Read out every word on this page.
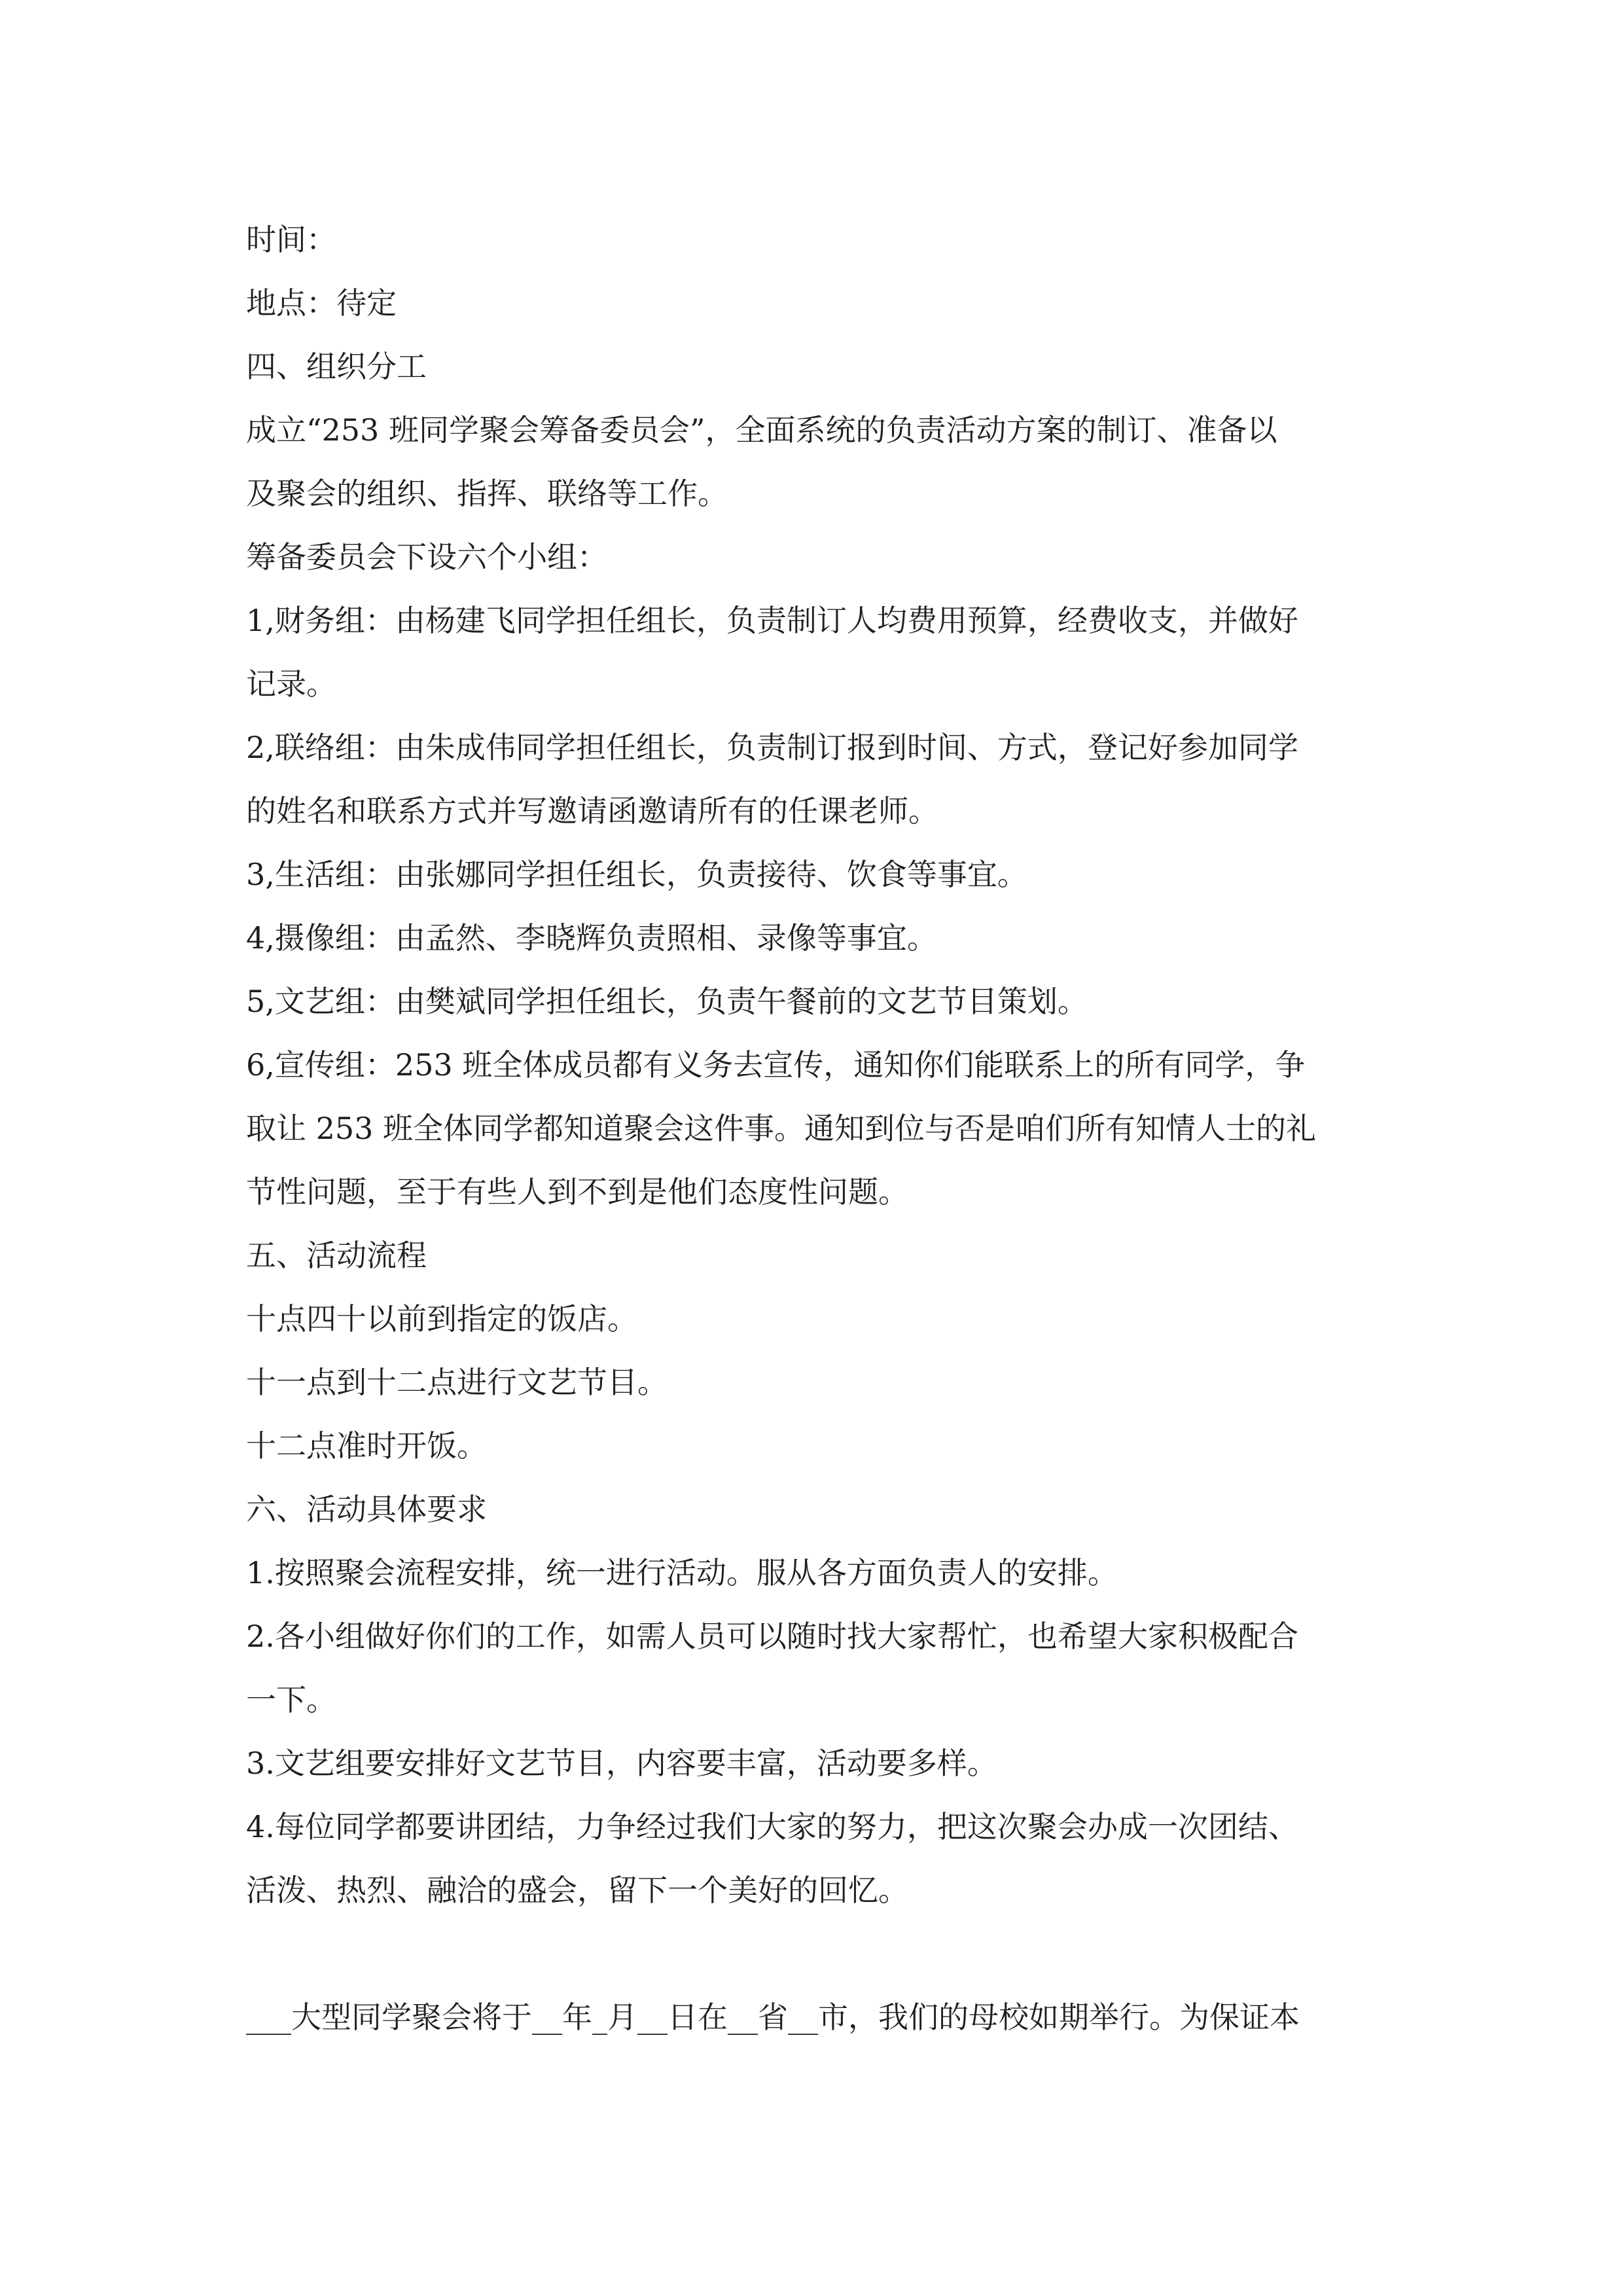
时间：
地点：待定
四、组织分工
成立“253 班同学聚会筹备委员会”，全面系统的负责活动方案的制订、准备以
及聚会的组织、指挥、联络等工作。
筹备委员会下设六个小组：
1,财务组：由杨建飞同学担任组长，负责制订人均费用预算，经费收支，并做好
记录。
2,联络组：由朱成伟同学担任组长，负责制订报到时间、方式，登记好参加同学
的姓名和联系方式并写邀请函邀请所有的任课老师。
3,生活组：由张娜同学担任组长，负责接待、饮食等事宜。
4,摄像组：由孟然、李晓辉负责照相、录像等事宜。
5,文艺组：由樊斌同学担任组长，负责午餐前的文艺节目策划。
6,宣传组：253 班全体成员都有义务去宣传，通知你们能联系上的所有同学，争
取让 253 班全体同学都知道聚会这件事。通知到位与否是咱们所有知情人士的礼
节性问题，至于有些人到不到是他们态度性问题。
五、活动流程
十点四十以前到指定的饭店。
十一点到十二点进行文艺节目。
十二点准时开饭。
六、活动具体要求
1.按照聚会流程安排，统一进行活动。服从各方面负责人的安排。
2.各小组做好你们的工作，如需人员可以随时找大家帮忙，也希望大家积极配合
一下。
3.文艺组要安排好文艺节目，内容要丰富，活动要多样。
4.每位同学都要讲团结，力争经过我们大家的努力，把这次聚会办成一次团结、
活泼、热烈、融洽的盛会，留下一个美好的回忆。
___大型同学聚会将于__年_月__日在__省__市，我们的母校如期举行。为保证本
